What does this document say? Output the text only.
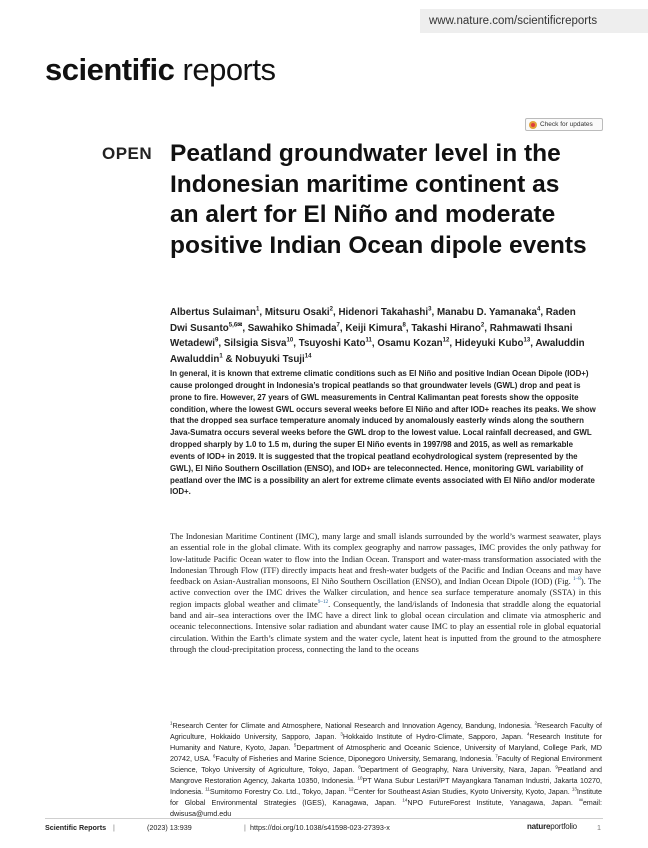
www.nature.com/scientificreports
scientific reports
Check for updates
OPEN Peatland groundwater level in the Indonesian maritime continent as an alert for El Niño and moderate positive Indian Ocean dipole events

Albertus Sulaiman$^1$, Mitsuru Osaki$^2$, Hidenori Takahashi$^3$, Manabu D. Yamanaka$^4$, Raden Dwi Susanto$^{5,6✉}$, Sawahiko Shimada$^7$, Keiji Kimura$^8$, Takashi Hirano$^2$, Rahmawati Ihsani Wetadewi$^9$, Silsigia Sisva$^{10}$, Tsuyoshi Kato$^{11}$, Osamu Kozan$^{12}$, Hideyuki Kubo$^{13}$, Awaluddin Awaluddin$^1$ & Nobuyuki Tsuji$^{14}$

In general, it is known that extreme climatic conditions such as El Niño and positive Indian Ocean Dipole (IOD+) cause prolonged drought in Indonesia’s tropical peatlands so that groundwater levels (GWL) drop and peat is prone to fire. However, 27 years of GWL measurements in Central Kalimantan peat forests show the opposite condition, where the lowest GWL occurs several weeks before El Niño and after IOD+ reaches its peaks. We show that the dropped sea surface temperature anomaly induced by anomalously easterly winds along the southern Java-Sumatra occurs several weeks before the GWL drop to the lowest value. Local rainfall decreased, and GWL dropped sharply by 1.0 to 1.5 m, during the super El Niño events in 1997/98 and 2015, as well as remarkable events of IOD+ in 2019. It is suggested that the tropical peatland ecohydrological system (represented by the GWL), El Niño Southern Oscillation (ENSO), and IOD+ are teleconnected. Hence, monitoring GWL variability of peatland over the IMC is a possibility an alert for extreme climate events associated with El Niño and/or moderate IOD+.

The Indonesian Maritime Continent (IMC), many large and small islands surrounded by the world’s warmest seawater, plays an essential role in the global climate. With its complex geography and narrow passages, IMC provides the only pathway for low-latitude Pacific Ocean water to flow into the Indian Ocean. Transport and water-mass transformation associated with the Indonesian Through Flow (ITF) directly impacts heat and fresh-water budgets of the Pacific and Indian Oceans and may have feedback on Asian-Australian monsoons, El Niño Southern Oscillation (ENSO), and Indian Ocean Dipole (IOD) (Fig. $^{1-8}$). The active convection over the IMC drives the Walker circulation, and hence sea surface temperature anomaly (SSTA) in this region impacts global weather and climate$^{9-12}$. Consequently, the land/islands of Indonesia that straddle along the equatorial band and air–sea interactions over the IMC have a direct link to global ocean circulation and climate via atmospheric and oceanic teleconnections. Intensive solar radiation and abundant water cause IMC to play an essential role in global equatorial circulation. Within the Earth’s climate system and the water cycle, latent heat is inputted from the ground to the atmosphere through the cloud-precipitation process, connecting the land to the oceans

$^1$Research Center for Climate and Atmosphere, National Research and Innovation Agency, Bandung, Indonesia. $^2$Research Faculty of Agriculture, Hokkaido University, Sapporo, Japan. $^3$Hokkaido Institute of Hydro-Climate, Sapporo, Japan. $^4$Research Institute for Humanity and Nature, Kyoto, Japan. $^5$Department of Atmospheric and Oceanic Science, University of Maryland, College Park, MD 20742, USA. $^6$Faculty of Fisheries and Marine Science, Diponegoro University, Semarang, Indonesia. $^7$Faculty of Regional Environment Science, Tokyo University of Agriculture, Tokyo, Japan. $^8$Department of Geography, Nara University, Nara, Japan. $^9$Peatland and Mangrove Restoration Agency, Jakarta 10350, Indonesia. $^{10}$PT Wana Subur Lestari/PT Mayangkara Tanaman Industri, Jakarta 10270, Indonesia. $^{11}$Sumitomo Forestry Co. Ltd., Tokyo, Japan. $^{12}$Center for Southeast Asian Studies, Kyoto University, Kyoto, Japan. $^{13}$Institute for Global Environmental Strategies (IGES), Kanagawa, Japan. $^{14}$NPO FutureForest Institute, Yanagawa, Japan. ✉email: dwisusa@umd.edu

Scientific Reports |	(2023) 13:939	| https://doi.org/10.1038/s41598-023-27393-x	natureportfolio	1
